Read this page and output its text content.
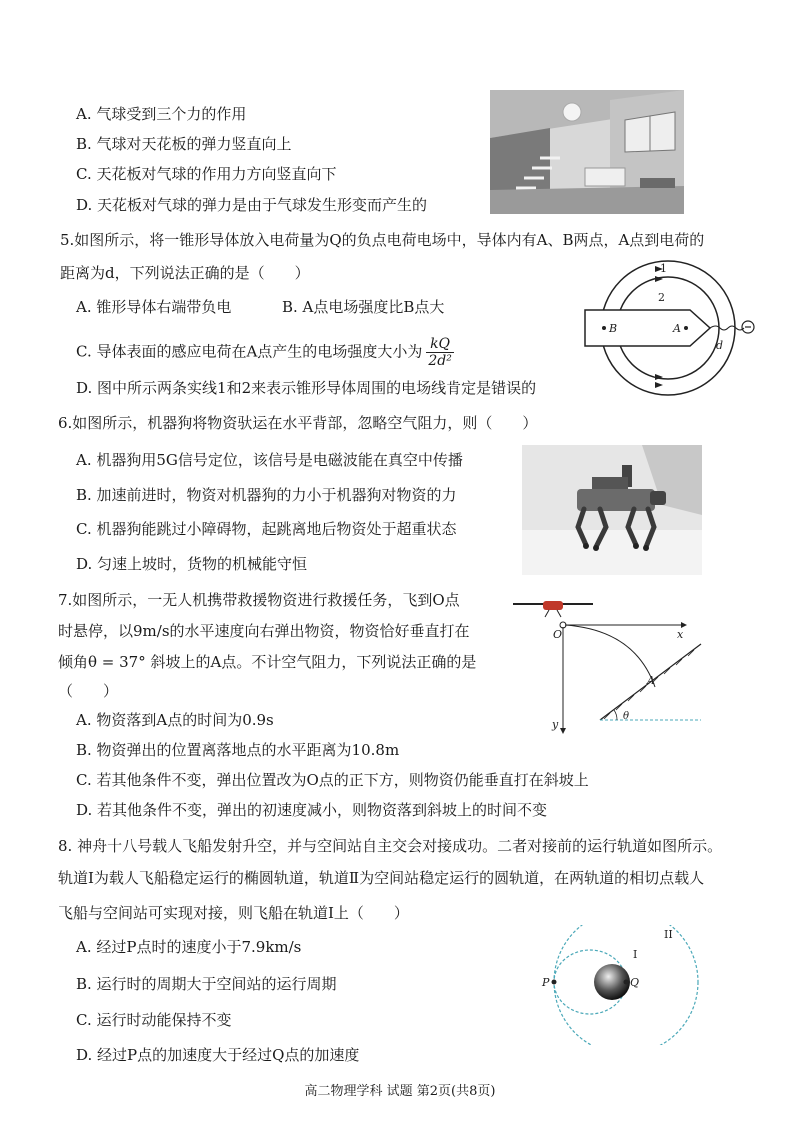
A. 气球受到三个力的作用
B. 气球对天花板的弹力竖直向上
C. 天花板对气球的作用力方向竖直向下
D. 天花板对气球的弹力是由于气球发生形变而产生的
5.如图所示，将一锥形导体放入电荷量为Q的负点电荷电场中，导体内有A、B两点，A点到电荷的
距离为d，下列说法正确的是（　　）
A. 锥形导体右端带负电	B. A点电场强度比B点大
C. 导体表面的感应电荷在A点产生的电场强度大小为 $\frac{kQ}{\text{2d²}}$
D. 图中所示两条实线1和2来表示锥形导体周围的电场线肯定是错误的
1
2
B	A
d
6.如图所示，机器狗将物资驮运在水平背部，忽略空气阻力，则（　　）
A. 机器狗用5G信号定位，该信号是电磁波能在真空中传播
B. 加速前进时，物资对机器狗的力小于机器狗对物资的力
C. 机器狗能跳过小障碍物，起跳离地后物资处于超重状态
D. 匀速上坡时，货物的机械能守恒
7.如图所示，一无人机携带救援物资进行救援任务，飞到O点
时悬停，以9m/s的水平速度向右弹出物资，物资恰好垂直打在
倾角θ = 37° 斜坡上的A点。不计空气阻力，下列说法正确的是
（　　）
A. 物资落到A点的时间为0.9s
B. 物资弹出的位置离落地点的水平距离为10.8m
C. 若其他条件不变，弹出位置改为O点的正下方，则物资仍能垂直打在斜坡上
D. 若其他条件不变，弹出的初速度减小，则物资落到斜坡上的时间不变
O	x
y
A
θ
8. 神舟十八号载人飞船发射升空，并与空间站自主交会对接成功。二者对接前的运行轨道如图所示。
轨道Ⅰ为载人飞船稳定运行的椭圆轨道，轨道Ⅱ为空间站稳定运行的圆轨道，在两轨道的相切点载人
飞船与空间站可实现对接，则飞船在轨道Ⅰ上（　　）
A. 经过P点时的速度小于7.9km/s
B. 运行时的周期大于空间站的运行周期
C. 运行时动能保持不变
D. 经过P点的加速度大于经过Q点的加速度
P	Q
I
II
高二物理学科 试题 第2页(共8页)
